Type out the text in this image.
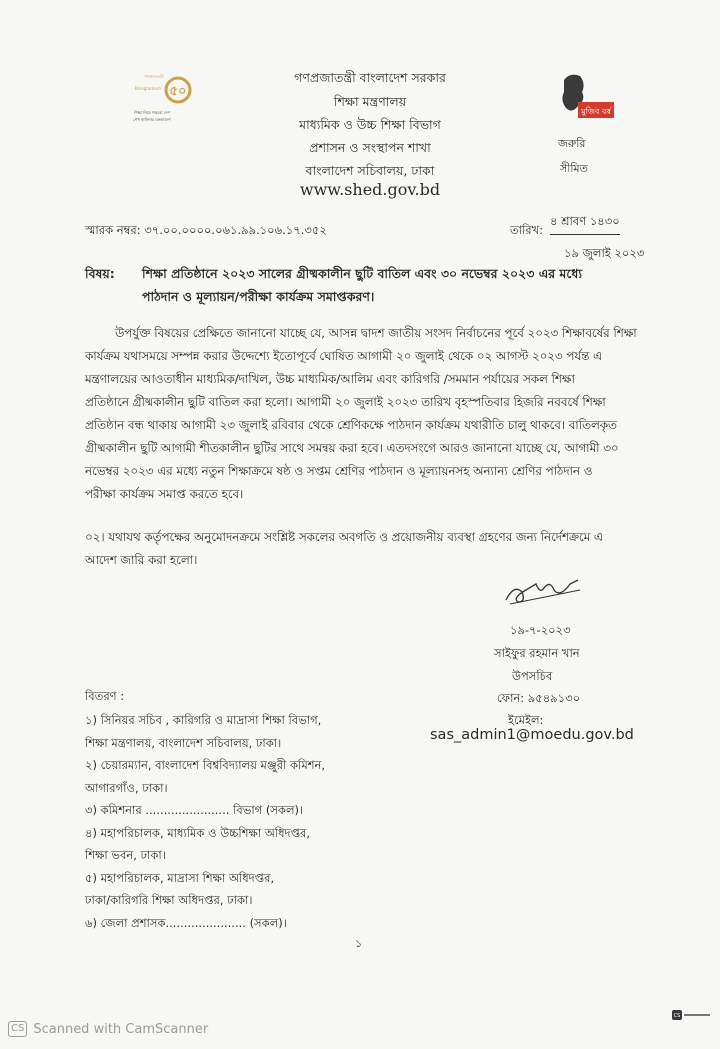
গণপ্রজাতন্ত্রী
Bangladesh ৫০
শিক্ষা নিয়ে গড়বো দেশ
শেখ হাসিনার বাংলাদেশ
গণপ্রজাতন্ত্রী বাংলাদেশ সরকার
শিক্ষা মন্ত্রণালয়
মাধ্যমিক ও উচ্চ শিক্ষা বিভাগ
প্রশাসন ও সংস্থাপন শাখা
বাংলাদেশ সচিবালয়, ঢাকা
www.shed.gov.bd
মুজিব বর্ষ
জরুরি
সীমিত
স্মারক নম্বর: ৩৭.০০.০০০০.০৬১.৯৯.১০৬.১৭.৩৫২	তারিখ:
৪ শ্রাবণ ১৪৩০
১৯ জুলাই ২০২৩
বিষয়: শিক্ষা প্রতিষ্ঠানে ২০২৩ সালের গ্রীষ্মকালীন ছুটি বাতিল এবং ৩০ নভেম্বর ২০২৩ এর মধ্যে
পাঠদান ও মূল্যায়ন/পরীক্ষা কার্যক্রম সমাপ্তকরণ।
উপর্যুক্ত বিষয়ের প্রেক্ষিতে জানানো যাচ্ছে যে, আসন্ন দ্বাদশ জাতীয় সংসদ নির্বাচনের পূর্বে ২০২৩ শিক্ষাবর্ষের শিক্ষা
কার্যক্রম যথাসময়ে সম্পন্ন করার উদ্দেশ্যে ইতোপূর্বে ঘোষিত আগামী ২০ জুলাই থেকে ০২ আগস্ট ২০২৩ পর্যন্ত এ
মন্ত্রণালয়ের আওতাধীন মাধ্যমিক/দাখিল, উচ্চ মাধ্যমিক/আলিম এবং কারিগরি /সমমান পর্যায়ের সকল শিক্ষা
প্রতিষ্ঠানে গ্রীষ্মকালীন ছুটি বাতিল করা হলো। আগামী ২০ জুলাই ২০২৩ তারিখ বৃহস্পতিবার হিজরি নববর্ষে শিক্ষা
প্রতিষ্ঠান বন্ধ থাকায় আগামী ২৩ জুলাই রবিবার থেকে শ্রেণিকক্ষে পাঠদান কার্যক্রম যথারীতি চালু থাকবে। বাতিলকৃত
গ্রীষ্মকালীন ছুটি আগামী শীতকালীন ছুটির সাথে সমন্বয় করা হবে। এতদসংগে আরও জানানো যাচ্ছে যে, আগামী ৩০
নভেম্বর ২০২৩ এর মধ্যে নতুন শিক্ষাক্রমে ষষ্ঠ ও সপ্তম শ্রেণির পাঠদান ও মূল্যায়নসহ অন্যান্য শ্রেণির পাঠদান ও
পরীক্ষা কার্যক্রম সমাপ্ত করতে হবে।
০২। যথাযথ কর্তৃপক্ষের অনুমোদনক্রমে সংশ্লিষ্ট সকলের অবগতি ও প্রয়োজনীয় ব্যবস্থা গ্রহণের জন্য নির্দেশক্রমে এ
আদেশ জারি করা হলো।
১৯-৭-২০২৩
সাইফুর রহমান খান
উপসচিব
ফোন: ৯৫৪৯১৩০
ইমেইল:
sas_admin1@moedu.gov.bd
বিতরণ :
১) সিনিয়র সচিব , কারিগরি ও মাদ্রাসা শিক্ষা বিভাগ,
শিক্ষা মন্ত্রণালয়, বাংলাদেশ সচিবালয়, ঢাকা।
২) চেয়ারম্যান, বাংলাদেশ বিশ্ববিদ্যালয় মঞ্জুরী কমিশন,
আগারগাঁও, ঢাকা।
৩) কমিশনার ....................... বিভাগ (সকল)।
৪) মহাপরিচালক, মাধ্যমিক ও উচ্চশিক্ষা অধিদপ্তর,
শিক্ষা ভবন, ঢাকা।
৫) মহাপরিচালক, মাদ্রাসা শিক্ষা অধিদপ্তর,
ঢাকা/কারিগরি শিক্ষা অধিদপ্তর, ঢাকা।
৬) জেলা প্রশাসক...................... (সকল)।
১
CS
CS Scanned with CamScanner
